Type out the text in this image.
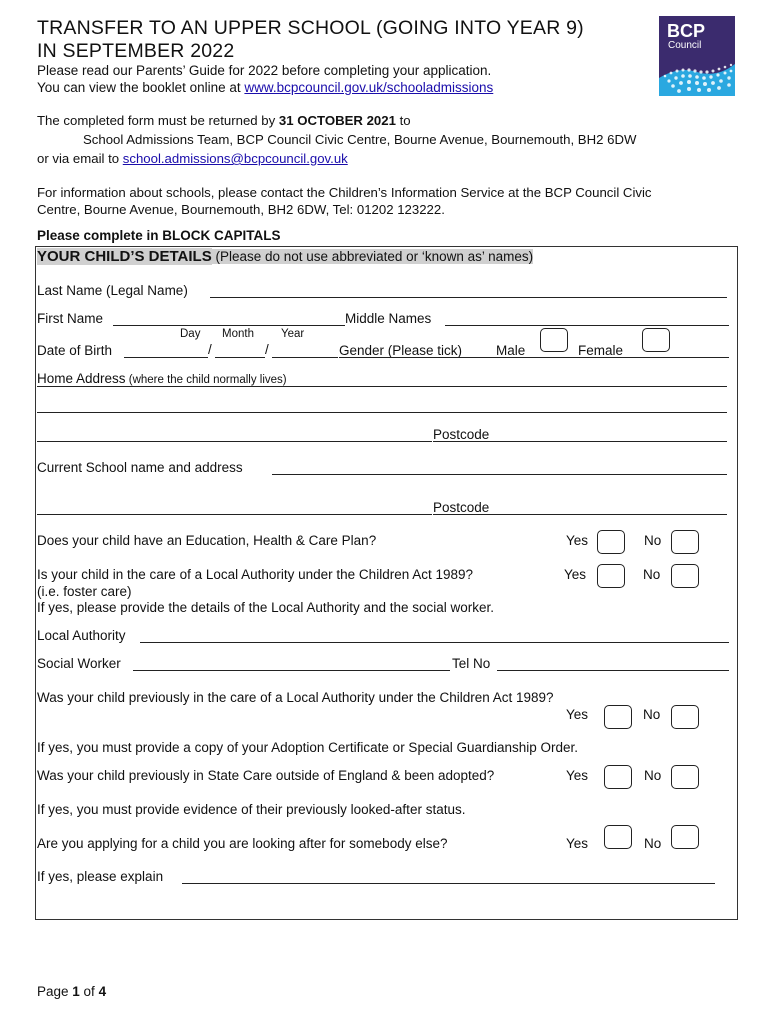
TRANSFER TO AN UPPER SCHOOL (GOING INTO YEAR 9)
IN SEPTEMBER 2022
Please read our Parents’ Guide for 2022 before completing your application.
You can view the booklet online at www.bcpcouncil.gov.uk/schooladmissions
BCP
Council
The completed form must be returned by 31 OCTOBER 2021 to
School Admissions Team, BCP Council Civic Centre, Bourne Avenue, Bournemouth, BH2 6DW
or via email to school.admissions@bcpcouncil.gov.uk
For information about schools, please contact the Children’s Information Service at the BCP Council Civic
Centre, Bourne Avenue, Bournemouth, BH2 6DW, Tel: 01202 123222.
Please complete in BLOCK CAPITALS
YOUR CHILD’S DETAILS (Please do not use abbreviated or ‘known as’ names)
Last Name (Legal Name)
First Name	Middle Names
Day Month Year
Date of Birth	/	/	Gender (Please tick)	Male	Female
Home Address (where the child normally lives)
Postcode
Current School name and address
Postcode
Does your child have an Education, Health & Care Plan?	Yes	No
Is your child in the care of a Local Authority under the Children Act 1989?	Yes	No
(i.e. foster care)
If yes, please provide the details of the Local Authority and the social worker.
Local Authority
Social Worker	Tel No
Was your child previously in the care of a Local Authority under the Children Act 1989?
Yes	No
If yes, you must provide a copy of your Adoption Certificate or Special Guardianship Order.
Was your child previously in State Care outside of England & been adopted?	Yes	No
If yes, you must provide evidence of their previously looked-after status.
Are you applying for a child you are looking after for somebody else?	Yes	No
If yes, please explain
Page 1 of 4
